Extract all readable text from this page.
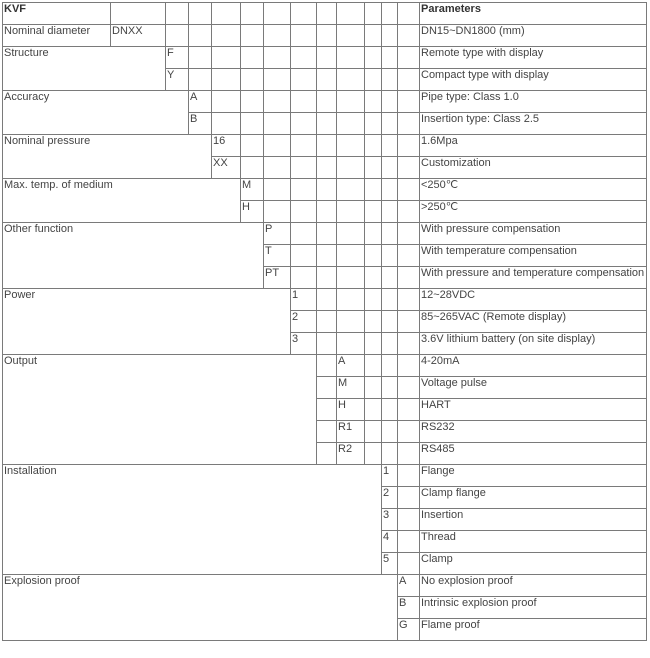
KVF													Parameters
Nominal diameter	DNXX												DN15~DN1800 (mm)
Structure		F											Remote type with display
		Y											Compact type with display
Accuracy			A										Pipe type: Class 1.0
			B										Insertion type: Class 2.5
Nominal pressure				16									1.6Mpa
				XX									Customization
Max. temp. of medium					M								<250℃
					H								>250℃
Other function						P							With pressure compensation
						T							With temperature compensation
						PT							With pressure and temperature compensation
Power							1						12~28VDC
							2						85~265VAC (Remote display)
							3						3.6V lithium battery (on site display)
Output									A				4-20mA
									M				Voltage pulse
									H				HART
									R1				RS232
									R2				RS485
Installation											1		Flange
											2		Clamp flange
											3		Insertion
											4		Thread
											5		Clamp
Explosion proof												A	No explosion proof
												B	Intrinsic explosion proof
												G	Flame proof
